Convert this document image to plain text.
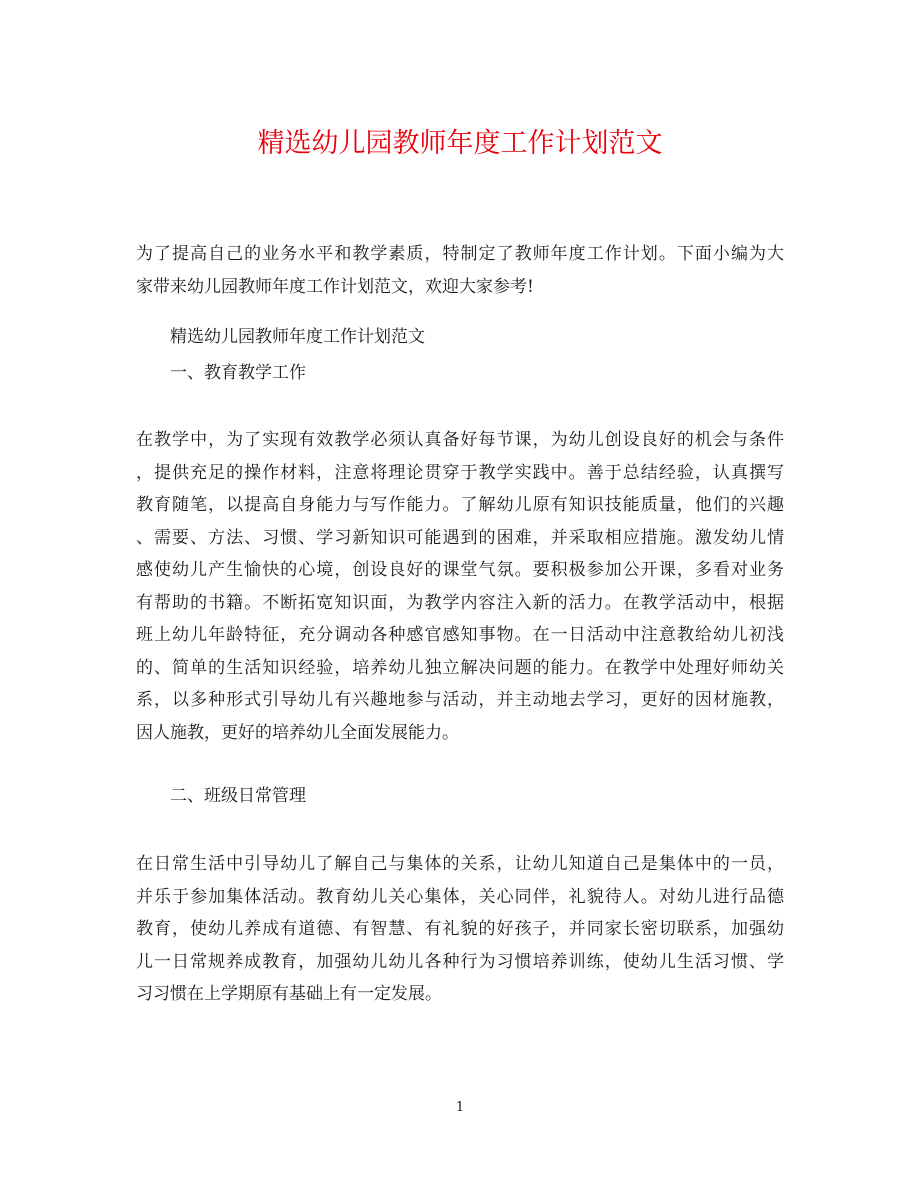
精选幼儿园教师年度工作计划范文
为了提高自己的业务水平和教学素质，特制定了教师年度工作计划。下面小编为大
家带来幼儿园教师年度工作计划范文，欢迎大家参考!
精选幼儿园教师年度工作计划范文
一、教育教学工作
在教学中，为了实现有效教学必须认真备好每节课，为幼儿创设良好的机会与条件
，提供充足的操作材料，注意将理论贯穿于教学实践中。善于总结经验，认真撰写
教育随笔，以提高自身能力与写作能力。了解幼儿原有知识技能质量，他们的兴趣
、需要、方法、习惯、学习新知识可能遇到的困难，并采取相应措施。激发幼儿情
感使幼儿产生愉快的心境，创设良好的课堂气氛。要积极参加公开课，多看对业务
有帮助的书籍。不断拓宽知识面，为教学内容注入新的活力。在教学活动中，根据
班上幼儿年龄特征，充分调动各种感官感知事物。在一日活动中注意教给幼儿初浅
的、简单的生活知识经验，培养幼儿独立解决问题的能力。在教学中处理好师幼关
系，以多种形式引导幼儿有兴趣地参与活动，并主动地去学习，更好的因材施教，
因人施教，更好的培养幼儿全面发展能力。
二、班级日常管理
在日常生活中引导幼儿了解自己与集体的关系，让幼儿知道自己是集体中的一员，
并乐于参加集体活动。教育幼儿关心集体，关心同伴，礼貌待人。对幼儿进行品德
教育，使幼儿养成有道德、有智慧、有礼貌的好孩子，并同家长密切联系，加强幼
儿一日常规养成教育，加强幼儿幼儿各种行为习惯培养训练，使幼儿生活习惯、学
习习惯在上学期原有基础上有一定发展。
1
